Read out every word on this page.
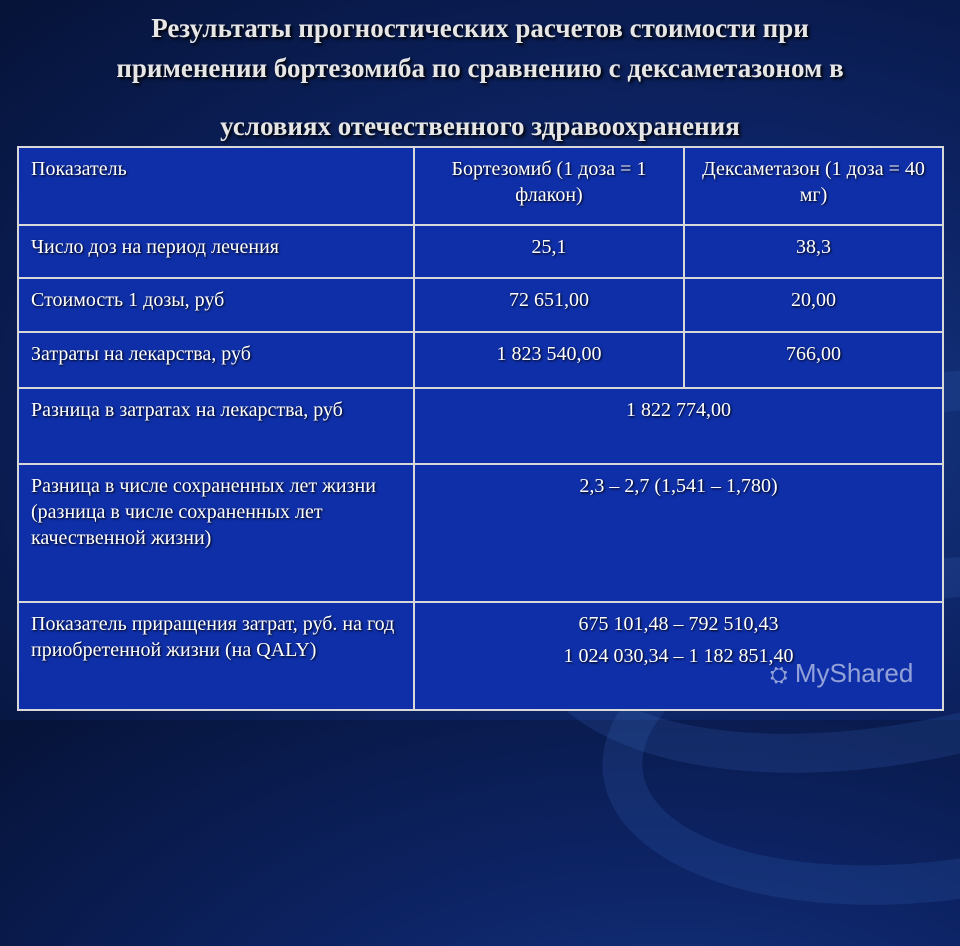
Результаты прогностических расчетов стоимости при
применении бортезомиба по сравнению с дексаметазоном в
условиях отечественного здравоохранения
Показатель	Бортезомиб (1 доза = 1 флакон)	Дексаметазон (1 доза = 40 мг)
Число доз на период лечения	25,1	38,3
Стоимость 1 дозы, руб	72 651,00	20,00
Затраты на лекарства, руб	1 823 540,00	766,00
Разница в затратах на лекарства, руб	1 822 774,00	
Разница в числе сохраненных лет жизни (разница в числе сохраненных лет качественной жизни)	2,3 – 2,7 (1,541 – 1,780)	
Показатель приращения затрат, руб. на год приобретенной жизни (на QALY)	675 101,48 – 792 510,43
1 024 030,34 – 1 182 851,40	
⛭ MyShared
